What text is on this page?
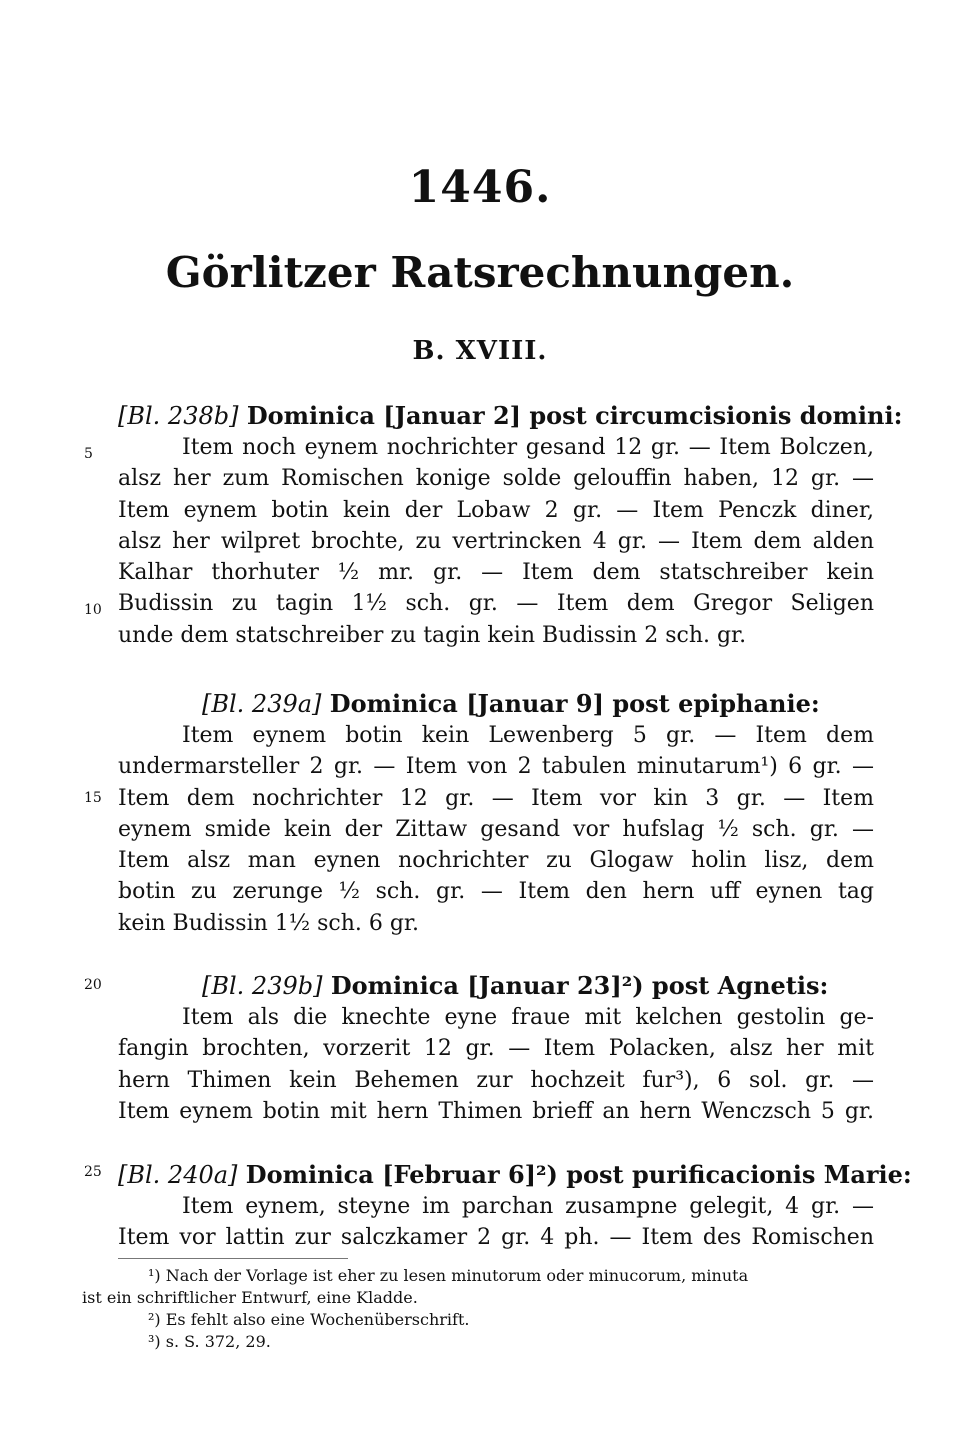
1446.
Görlitzer Ratsrechnungen.
B. XVIII.
[Bl. 238b] Dominica [Januar 2] post circumcisionis domini:
Item noch eynem nochrichter gesand 12 gr. — Item Bolczen,
alsz her zum Romischen konige solde gelouffin haben, 12 gr. —
Item eynem botin kein der Lobaw 2 gr. — Item Penczk diner,
alsz her wilpret brochte, zu vertrincken 4 gr. — Item dem alden
Kalhar thorhuter ½ mr. gr. — Item dem statschreiber kein
Budissin zu tagin 1½ sch. gr. — Item dem Gregor Seligen
unde dem statschreiber zu tagin kein Budissin 2 sch. gr.
[Bl. 239a] Dominica [Januar 9] post epiphanie:
Item eynem botin kein Lewenberg 5 gr. — Item dem
undermarsteller 2 gr. — Item von 2 tabulen minutarum¹) 6 gr. —
Item dem nochrichter 12 gr. — Item vor kin 3 gr. — Item
eynem smide kein der Zittaw gesand vor hufslag ½ sch. gr. —
Item alsz man eynen nochrichter zu Glogaw holin lisz, dem
botin zu zerunge ½ sch. gr. — Item den hern uff eynen tag
kein Budissin 1½ sch. 6 gr.
[Bl. 239b] Dominica [Januar 23]²) post Agnetis:
Item als die knechte eyne fraue mit kelchen gestolin ge-
fangin brochten, vorzerit 12 gr. — Item Polacken, alsz her mit
hern Thimen kein Behemen zur hochzeit fur³), 6 sol. gr. —
Item eynem botin mit hern Thimen brieff an hern Wenczsch 5 gr.
[Bl. 240a] Dominica [Februar 6]²) post purificacionis Marie:
Item eynem, steyne im parchan zusampne gelegit, 4 gr. —
Item vor lattin zur salczkamer 2 gr. 4 ph. — Item des Romischen
5
10
15
20
25
¹) Nach der Vorlage ist eher zu lesen minutorum oder minucorum, minuta
ist ein schriftlicher Entwurf, eine Kladde.
²) Es fehlt also eine Wochenüberschrift.
³) s. S. 372, 29.
